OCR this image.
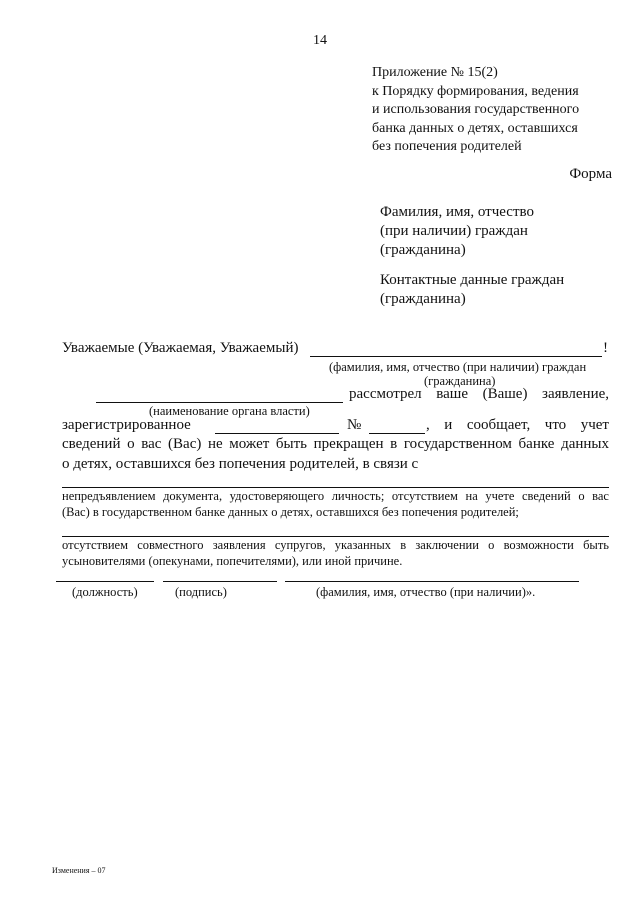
14
Приложение № 15(2)
к Порядку формирования, ведения
и использования государственного
банка данных о детях, оставшихся
без попечения родителей
Форма
Фамилия, имя, отчество
(при наличии) граждан
(гражданина)
Контактные данные граждан
(гражданина)
Уважаемые (Уважаемая, Уважаемый)	!
(фамилия, имя, отчество (при наличии) граждан
(гражданина)
рассмотрел ваше (Ваше) заявление,
(наименование органа власти)
зарегистрированное	№	, и сообщает, что учет
сведений о вас (Вас) не может быть прекращен в государственном банке данных
о детях, оставшихся без попечения родителей, в связи с
непредъявлением документа, удостоверяющего личность; отсутствием на учете сведений о вас
(Вас) в государственном банке данных о детях, оставшихся без попечения родителей;
отсутствием совместного заявления супругов, указанных в заключении о возможности быть
усыновителями (опекунами, попечителями), или иной причине.
(должность)	(подпись)	(фамилия, имя, отчество (при наличии)».
Изменения – 07
